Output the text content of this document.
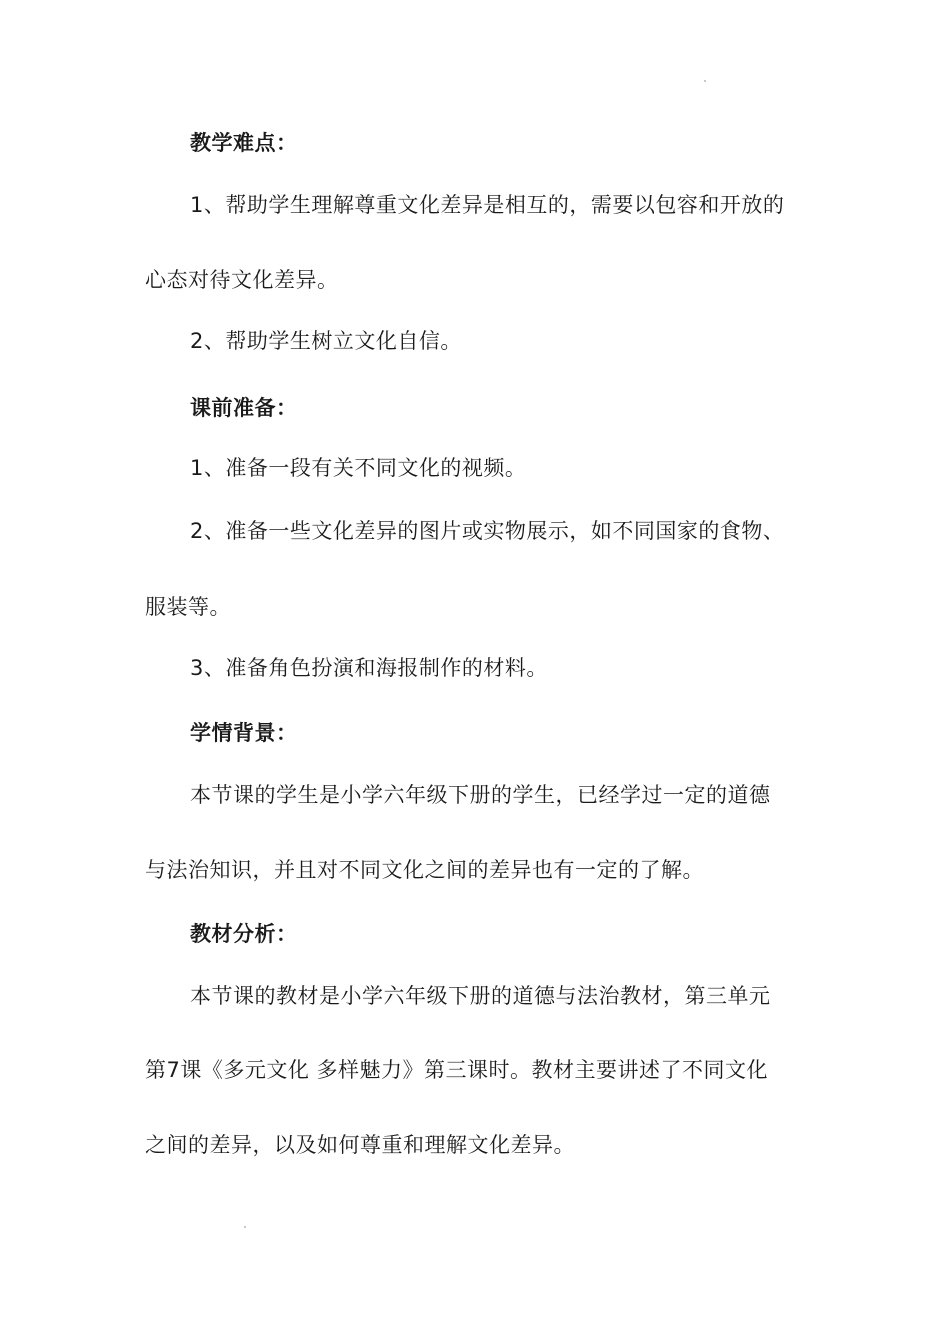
教学难点：
1、帮助学生理解尊重文化差异是相互的，需要以包容和开放的
心态对待文化差异。
2、帮助学生树立文化自信。
课前准备：
1、准备一段有关不同文化的视频。
2、准备一些文化差异的图片或实物展示，如不同国家的食物、
服装等。
3、准备角色扮演和海报制作的材料。
学情背景：
本节课的学生是小学六年级下册的学生，已经学过一定的道德
与法治知识，并且对不同文化之间的差异也有一定的了解。
教材分析：
本节课的教材是小学六年级下册的道德与法治教材，第三单元
第7课《多元文化 多样魅力》第三课时。教材主要讲述了不同文化
之间的差异，以及如何尊重和理解文化差异。
